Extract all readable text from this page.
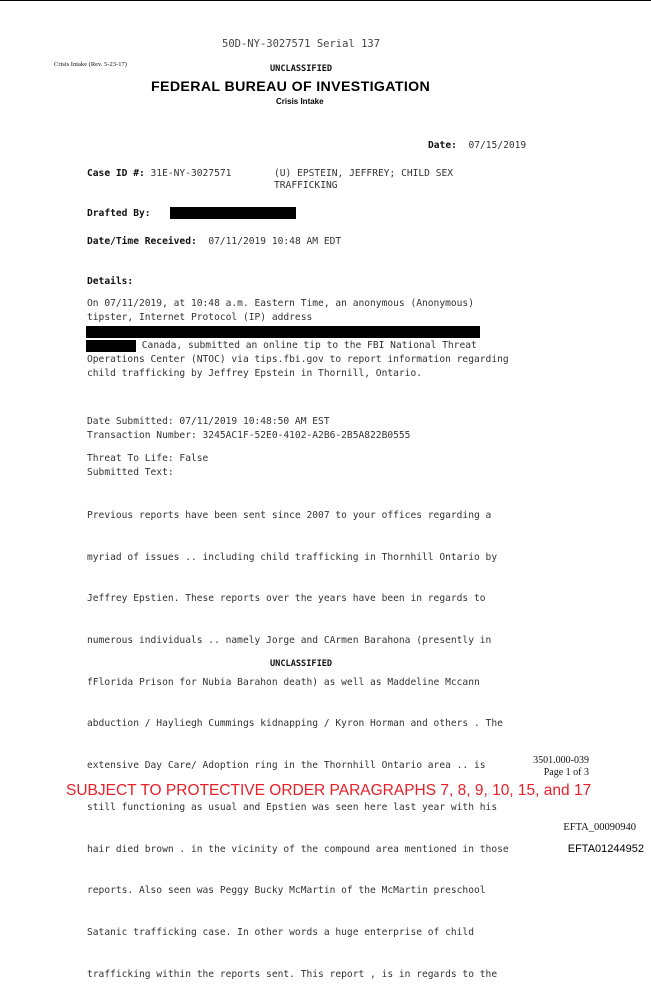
50D-NY-3027571 Serial 137
Crisis Intake (Rev. 5-23-17)	UNCLASSIFIED
FEDERAL BUREAU OF INVESTIGATION
Crisis Intake
Date: 07/15/2019
Case ID #: 31E-NY-3027571	(U) EPSTEIN, JEFFREY; CHILD SEX
TRAFFICKING
Drafted By:
Date/Time Received: 07/11/2019 10:48 AM EDT
Details:
On 07/11/2019, at 10:48 a.m. Eastern Time, an anonymous (Anonymous)
tipster, Internet Protocol (IP) address
Canada, submitted an online tip to the FBI National Threat
Operations Center (NTOC) via tips.fbi.gov to report information regarding
child trafficking by Jeffrey Epstein in Thornill, Ontario.
Date Submitted: 07/11/2019 10:48:50 AM EST
Transaction Number: 3245AC1F-52E0-4102-A2B6-2B5A822B0555
Threat To Life: False
Submitted Text:

Previous reports have been sent since 2007 to your offices regarding a

myriad of issues .. including child trafficking in Thornhill Ontario by

Jeffrey Epstien. These reports over the years have been in regards to

numerous individuals .. namely Jorge and CArmen Barahona (presently in

fFlorida Prison for Nubia Barahon death) as well as Maddeline Mccann

abduction / Hayliegh Cummings kidnapping / Kyron Horman and others . The

extensive Day Care/ Adoption ring in the Thornhill Ontario area .. is

still functioning as usual and Epstien was seen here last year with his

hair died brown . in the vicinity of the compound area mentioned in those

reports. Also seen was Peggy Bucky McMartin of the McMartin preschool

Satanic trafficking case. In other words a huge enterprise of child

trafficking within the reports sent. This report , is in regards to the

UNCLASSIFIED
3501.000-039
Page 1 of 3
SUBJECT TO PROTECTIVE ORDER PARAGRAPHS 7, 8, 9, 10, 15, and 17
EFTA_00090940
EFTA01244952
